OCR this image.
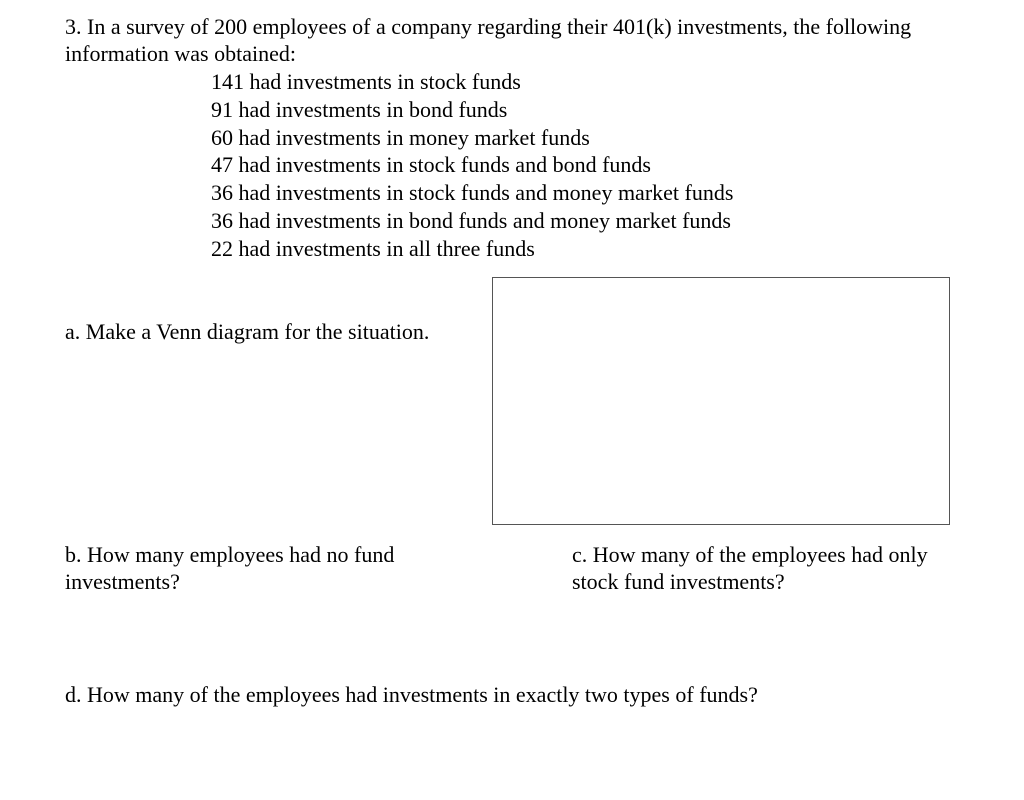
3. In a survey of 200 employees of a company regarding their 401(k) investments, the following information was obtained:
141 had investments in stock funds
91 had investments in bond funds
60 had investments in money market funds
47 had investments in stock funds and bond funds
36 had investments in stock funds and money market funds
36 had investments in bond funds and money market funds
22 had investments in all three funds
a. Make a Venn diagram for the situation.
b. How many employees had no fund investments?
c. How many of the employees had only stock fund investments?
d. How many of the employees had investments in exactly two types of funds?
